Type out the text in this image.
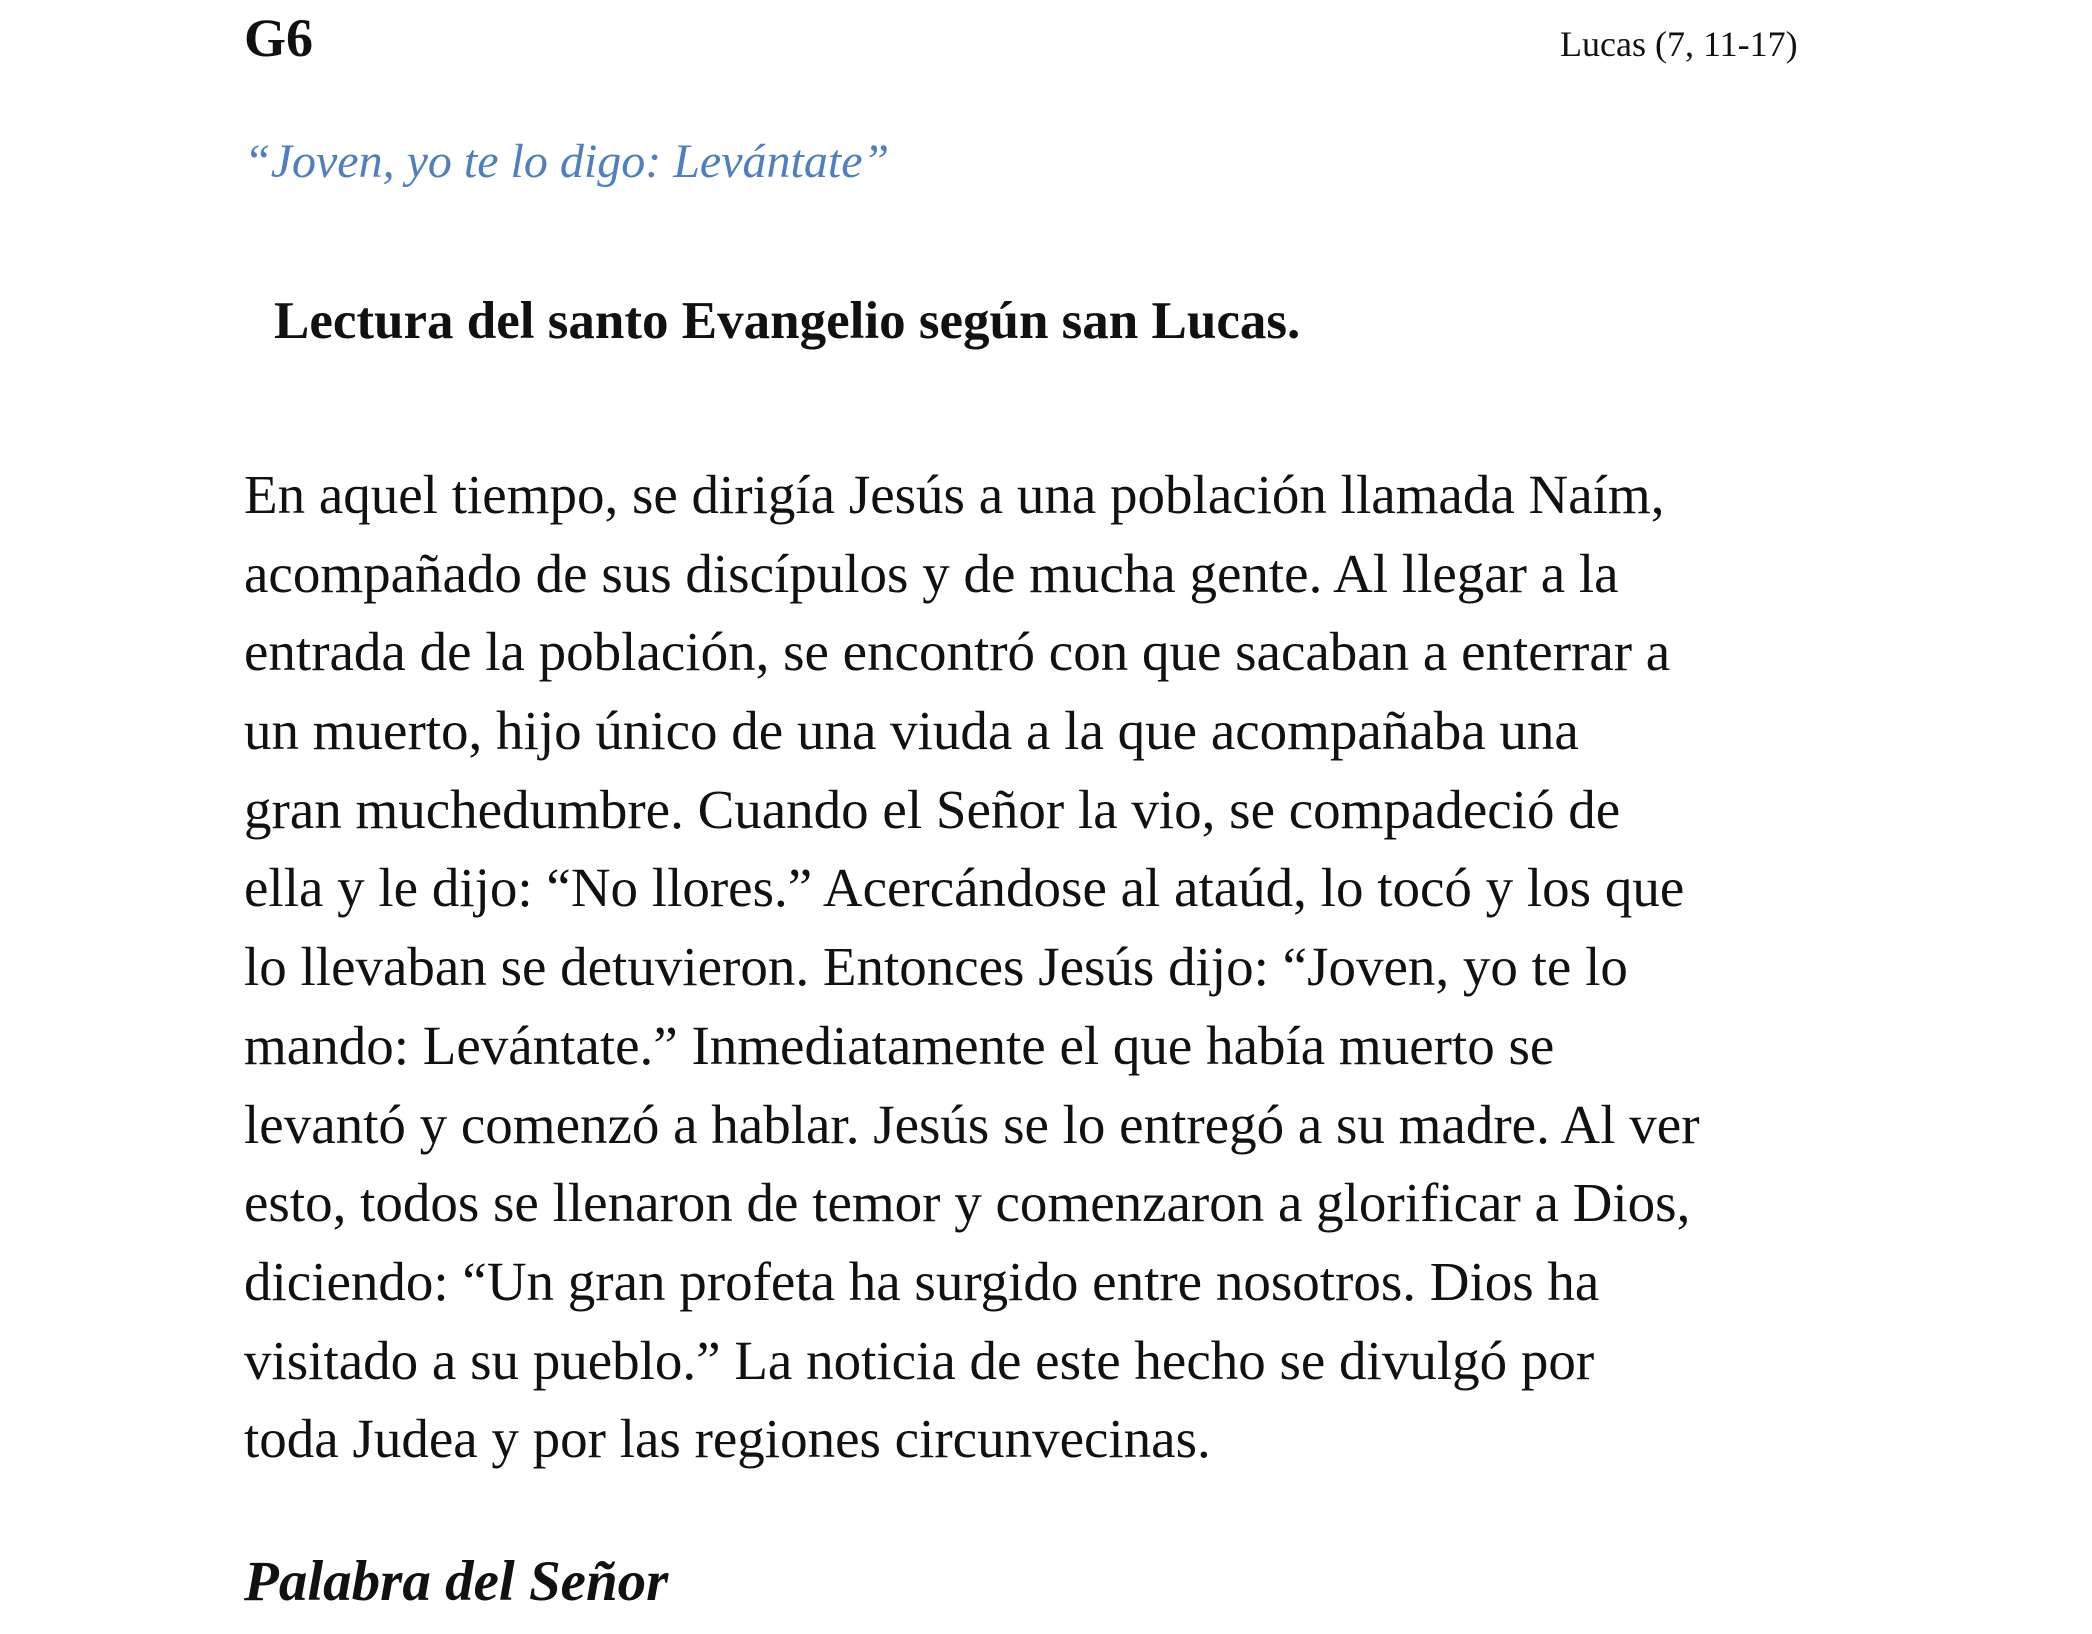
G6	Lucas (7, 11-17)
“Joven, yo te lo digo: Levántate”
Lectura del santo Evangelio según san Lucas.
En aquel tiempo, se dirigía Jesús a una población llamada Naím,
acompañado de sus discípulos y de mucha gente. Al llegar a la
entrada de la población, se encontró con que sacaban a enterrar a
un muerto, hijo único de una viuda a la que acompañaba una
gran muchedumbre. Cuando el Señor la vio, se compadeció de
ella y le dijo: “No llores.” Acercándose al ataúd, lo tocó y los que
lo llevaban se detuvieron. Entonces Jesús dijo: “Joven, yo te lo
mando: Levántate.” Inmediatamente el que había muerto se
levantó y comenzó a hablar. Jesús se lo entregó a su madre. Al ver
esto, todos se llenaron de temor y comenzaron a glorificar a Dios,
diciendo: “Un gran profeta ha surgido entre nosotros. Dios ha
visitado a su pueblo.” La noticia de este hecho se divulgó por
toda Judea y por las regiones circunvecinas.
Palabra del Señor
